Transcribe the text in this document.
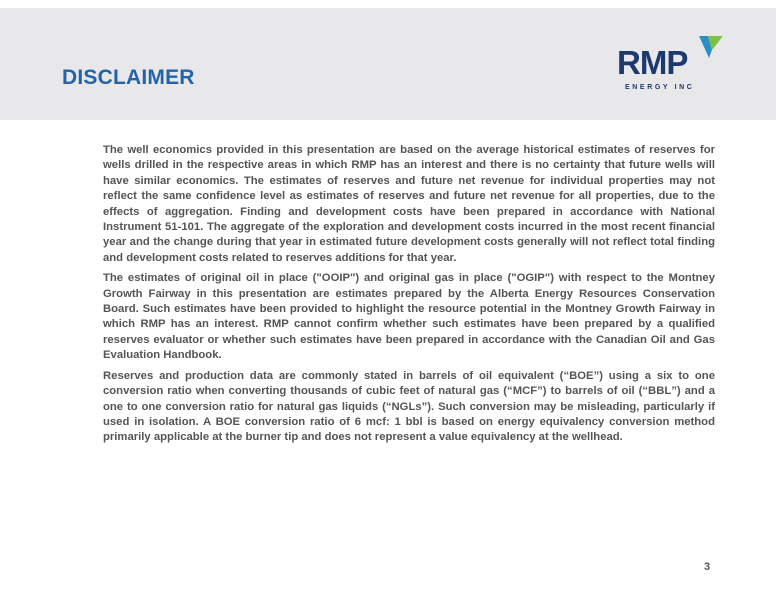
DISCLAIMER	RMP
ENERGY INC

The well economics provided in this presentation are based on the average historical estimates of reserves for wells drilled in the respective areas in which RMP has an interest and there is no certainty that future wells will have similar economics. The estimates of reserves and future net revenue for individual properties may not reflect the same confidence level as estimates of reserves and future net revenue for all properties, due to the effects of aggregation. Finding and development costs have been prepared in accordance with National Instrument 51-101. The aggregate of the exploration and development costs incurred in the most recent financial year and the change during that year in estimated future development costs generally will not reflect total finding and development costs related to reserves additions for that year.

The estimates of original oil in place ("OOIP") and original gas in place ("OGIP") with respect to the Montney Growth Fairway in this presentation are estimates prepared by the Alberta Energy Resources Conservation Board. Such estimates have been provided to highlight the resource potential in the Montney Growth Fairway in which RMP has an interest. RMP cannot confirm whether such estimates have been prepared by a qualified reserves evaluator or whether such estimates have been prepared in accordance with the Canadian Oil and Gas Evaluation Handbook.

Reserves and production data are commonly stated in barrels of oil equivalent (“BOE”) using a six to one conversion ratio when converting thousands of cubic feet of natural gas (“MCF”) to barrels of oil (“BBL”) and a one to one conversion ratio for natural gas liquids (“NGLs”). Such conversion may be misleading, particularly if used in isolation. A BOE conversion ratio of 6 mcf: 1 bbl is based on energy equivalency conversion method primarily applicable at the burner tip and does not represent a value equivalency at the wellhead.

3
